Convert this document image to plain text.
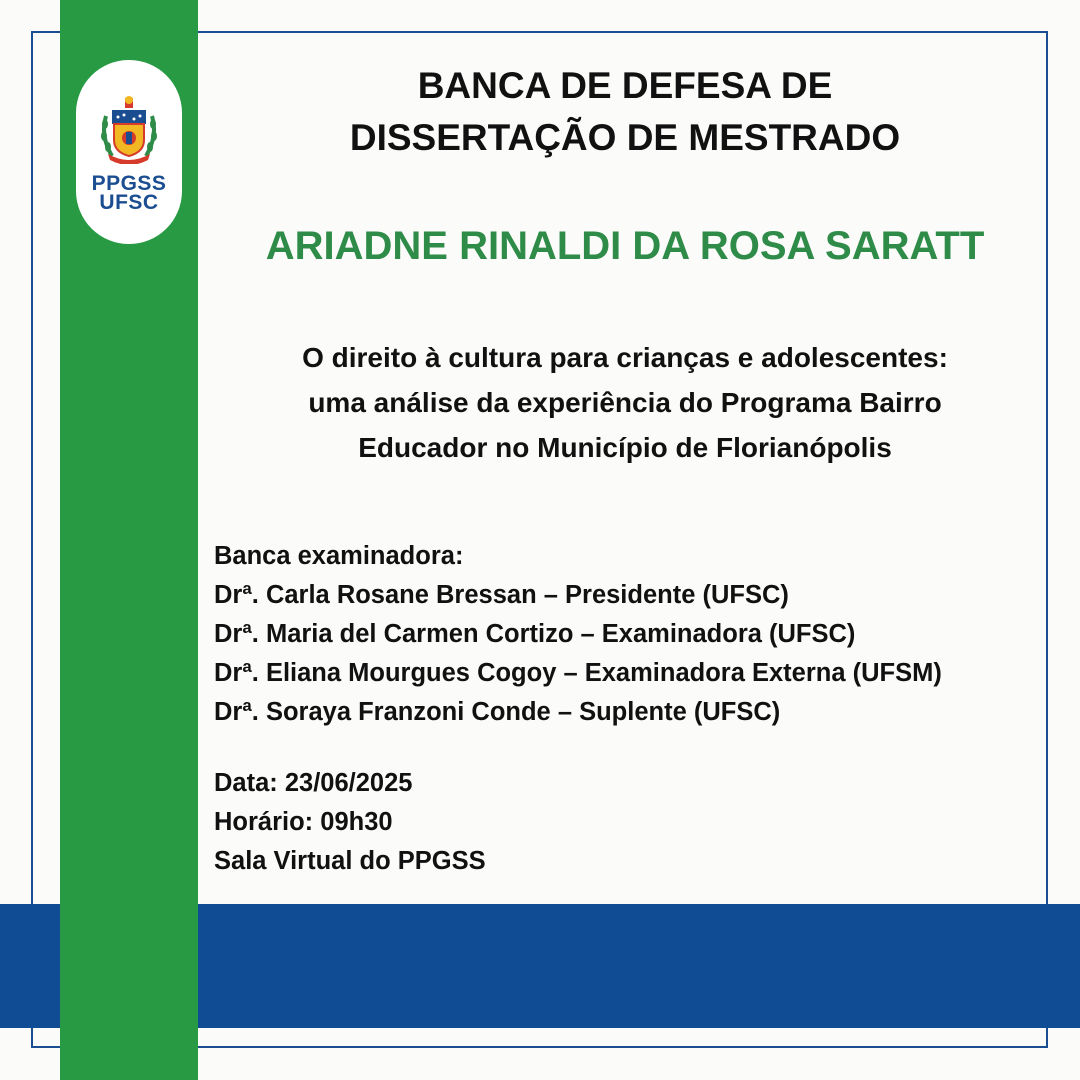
PPGSS
UFSC
BANCA DE DEFESA DE
DISSERTAÇÃO DE MESTRADO
ARIADNE RINALDI DA ROSA SARATT
O direito à cultura para crianças e adolescentes:
uma análise da experiência do Programa Bairro
Educador no Município de Florianópolis
Banca examinadora:
Drª. Carla Rosane Bressan – Presidente (UFSC)
Drª. Maria del Carmen Cortizo – Examinadora (UFSC)
Drª. Eliana Mourgues Cogoy – Examinadora Externa (UFSM)
Drª. Soraya Franzoni Conde – Suplente (UFSC)
Data: 23/06/2025
Horário: 09h30
Sala Virtual do PPGSS
